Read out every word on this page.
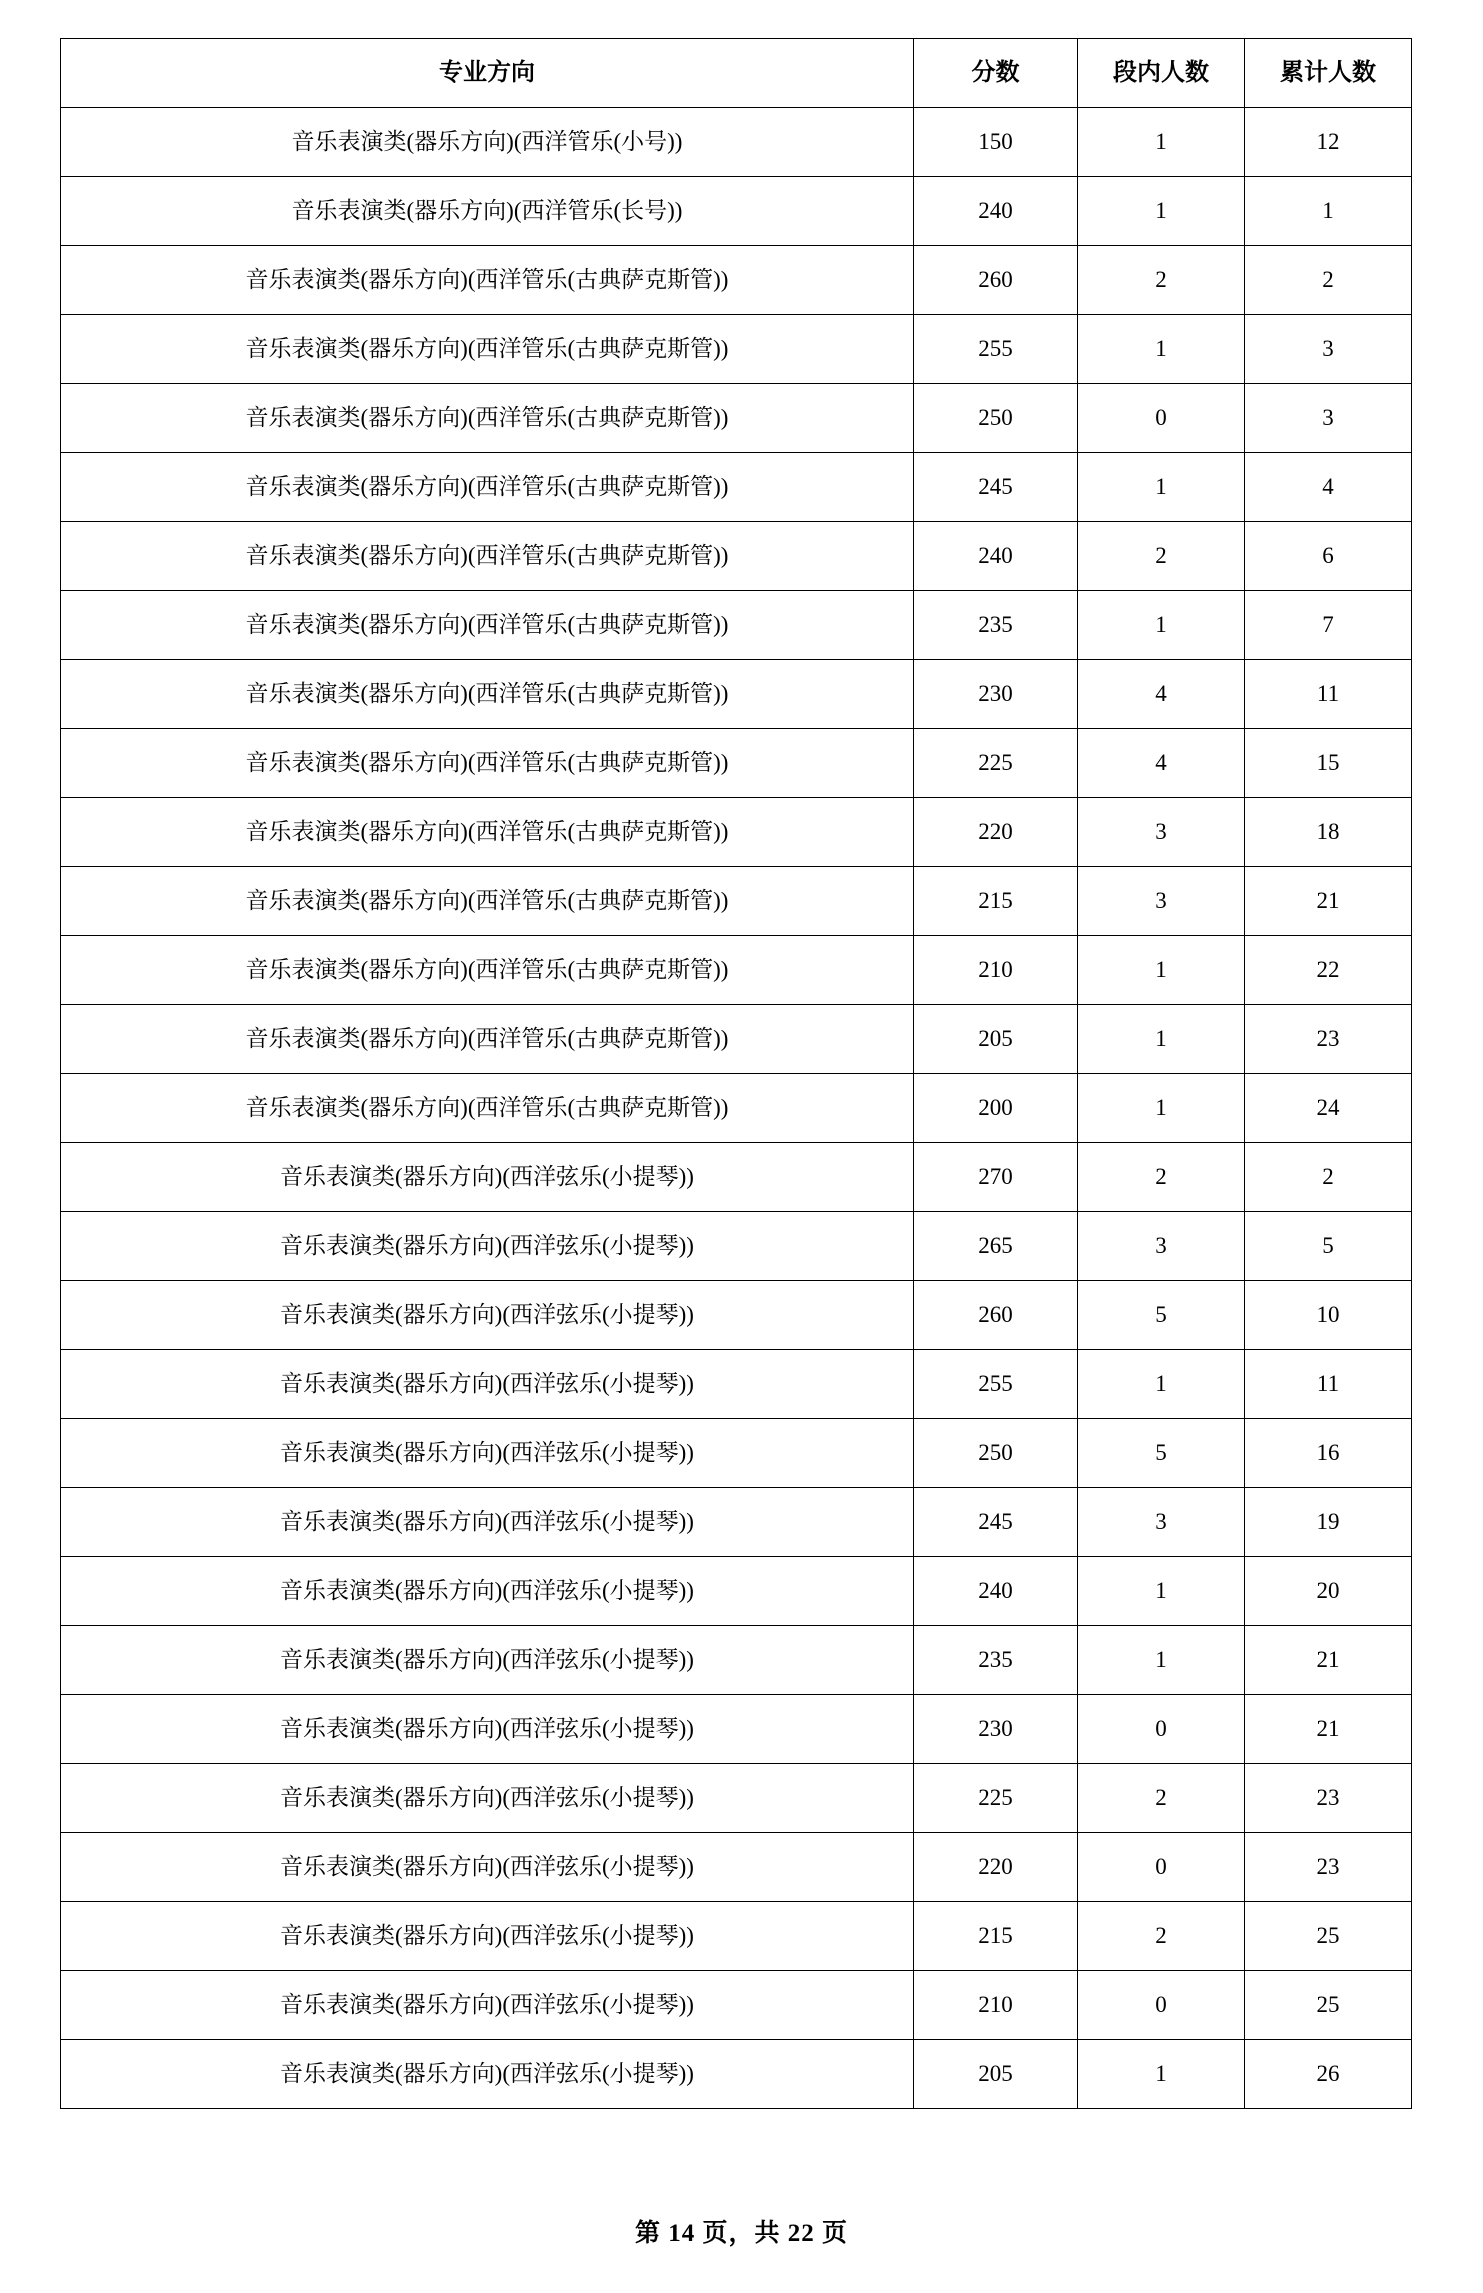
专业方向	分数	段内人数	累计人数
音乐表演类(器乐方向)(西洋管乐(小号))	150	1	12
音乐表演类(器乐方向)(西洋管乐(长号))	240	1	1
音乐表演类(器乐方向)(西洋管乐(古典萨克斯管))	260	2	2
音乐表演类(器乐方向)(西洋管乐(古典萨克斯管))	255	1	3
音乐表演类(器乐方向)(西洋管乐(古典萨克斯管))	250	0	3
音乐表演类(器乐方向)(西洋管乐(古典萨克斯管))	245	1	4
音乐表演类(器乐方向)(西洋管乐(古典萨克斯管))	240	2	6
音乐表演类(器乐方向)(西洋管乐(古典萨克斯管))	235	1	7
音乐表演类(器乐方向)(西洋管乐(古典萨克斯管))	230	4	11
音乐表演类(器乐方向)(西洋管乐(古典萨克斯管))	225	4	15
音乐表演类(器乐方向)(西洋管乐(古典萨克斯管))	220	3	18
音乐表演类(器乐方向)(西洋管乐(古典萨克斯管))	215	3	21
音乐表演类(器乐方向)(西洋管乐(古典萨克斯管))	210	1	22
音乐表演类(器乐方向)(西洋管乐(古典萨克斯管))	205	1	23
音乐表演类(器乐方向)(西洋管乐(古典萨克斯管))	200	1	24
音乐表演类(器乐方向)(西洋弦乐(小提琴))	270	2	2
音乐表演类(器乐方向)(西洋弦乐(小提琴))	265	3	5
音乐表演类(器乐方向)(西洋弦乐(小提琴))	260	5	10
音乐表演类(器乐方向)(西洋弦乐(小提琴))	255	1	11
音乐表演类(器乐方向)(西洋弦乐(小提琴))	250	5	16
音乐表演类(器乐方向)(西洋弦乐(小提琴))	245	3	19
音乐表演类(器乐方向)(西洋弦乐(小提琴))	240	1	20
音乐表演类(器乐方向)(西洋弦乐(小提琴))	235	1	21
音乐表演类(器乐方向)(西洋弦乐(小提琴))	230	0	21
音乐表演类(器乐方向)(西洋弦乐(小提琴))	225	2	23
音乐表演类(器乐方向)(西洋弦乐(小提琴))	220	0	23
音乐表演类(器乐方向)(西洋弦乐(小提琴))	215	2	25
音乐表演类(器乐方向)(西洋弦乐(小提琴))	210	0	25
音乐表演类(器乐方向)(西洋弦乐(小提琴))	205	1	26
第 14 页，共 22 页
